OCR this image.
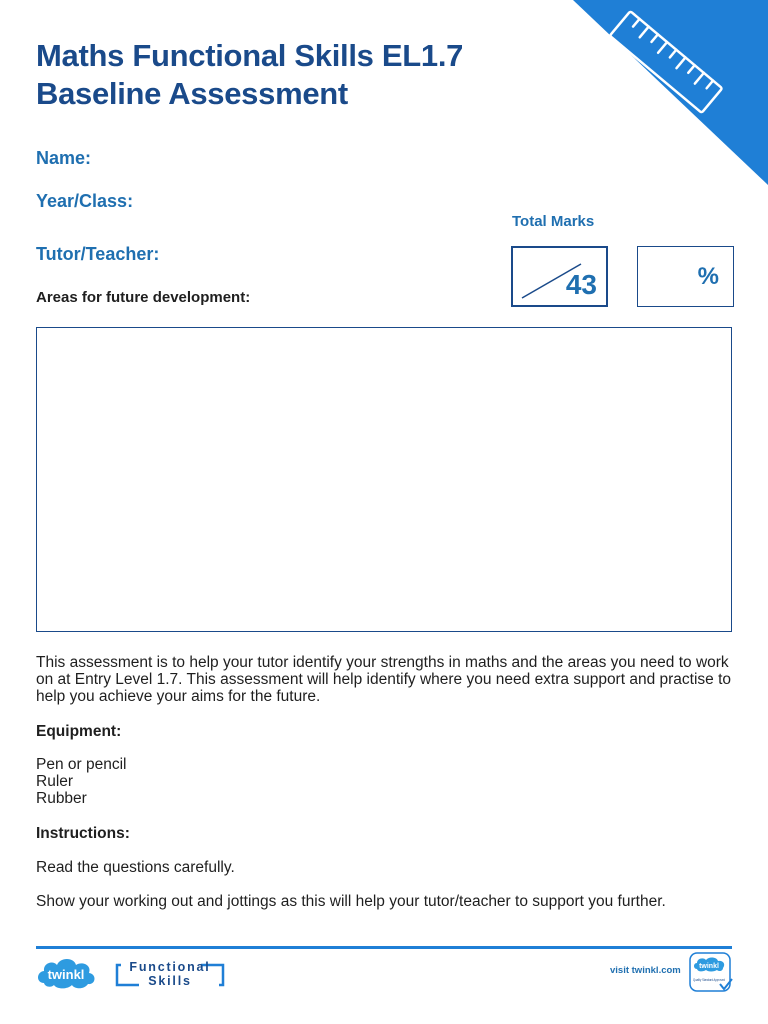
Maths Functional Skills EL1.7
Baseline Assessment
Name:
Year/Class:
Tutor/Teacher:
Total Marks
43	%
Areas for future development:

This assessment is to help your tutor identify your strengths in maths and the areas you need to work on at Entry Level 1.7. This assessment will help identify where you need extra support and practise to help you achieve your aims for the future.

Equipment:
Pen or pencil
Ruler
Rubber
Instructions:
Read the questions carefully.
Show your working out and jottings as this will help your tutor/teacher to support you further.
twinkl	Functional
Skills
visit twinkl.com	twinkl
Quality Standard Approved
